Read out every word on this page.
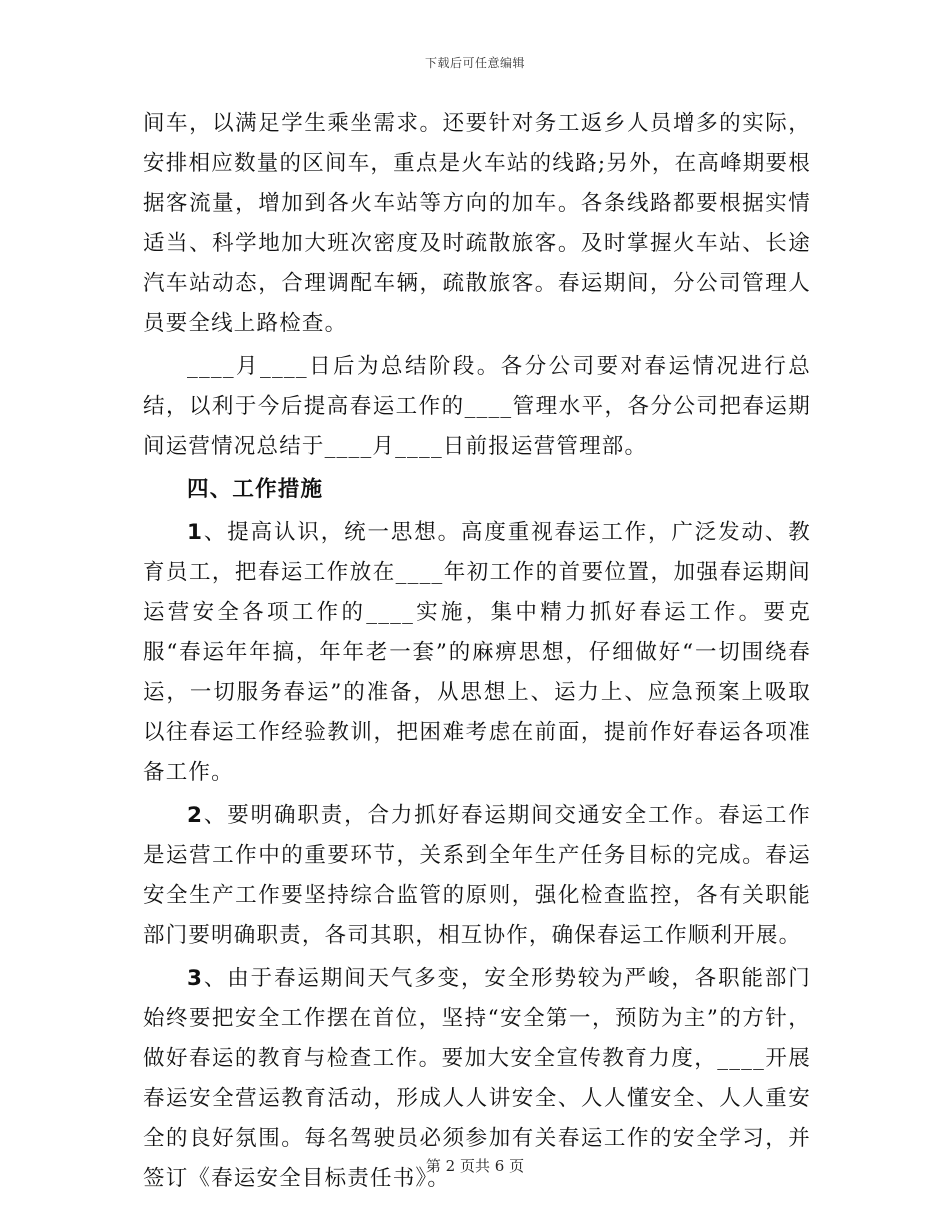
下载后可任意编辑

间车，以满足学生乘坐需求。还要针对务工返乡人员增多的实际，安排相应数量的区间车，重点是火车站的线路;另外，在高峰期要根据客流量，增加到各火车站等方向的加车。各条线路都要根据实情适当、科学地加大班次密度及时疏散旅客。及时掌握火车站、长途汽车站动态，合理调配车辆，疏散旅客。春运期间，分公司管理人员要全线上路检查。

____月____日后为总结阶段。各分公司要对春运情况进行总结，以利于今后提高春运工作的____管理水平，各分公司把春运期间运营情况总结于____月____日前报运营管理部。

四、工作措施

1、提高认识，统一思想。高度重视春运工作，广泛发动、教育员工，把春运工作放在____年初工作的首要位置，加强春运期间运营安全各项工作的____实施，集中精力抓好春运工作。要克服“春运年年搞，年年老一套”的麻痹思想，仔细做好“一切围绕春运，一切服务春运”的准备，从思想上、运力上、应急预案上吸取以往春运工作经验教训，把困难考虑在前面，提前作好春运各项准备工作。

2、要明确职责，合力抓好春运期间交通安全工作。春运工作是运营工作中的重要环节，关系到全年生产任务目标的完成。春运安全生产工作要坚持综合监管的原则，强化检查监控，各有关职能部门要明确职责，各司其职，相互协作，确保春运工作顺利开展。

3、由于春运期间天气多变，安全形势较为严峻，各职能部门始终要把安全工作摆在首位，坚持“安全第一，预防为主”的方针，做好春运的教育与检查工作。要加大安全宣传教育力度，____开展春运安全营运教育活动，形成人人讲安全、人人懂安全、人人重安全的良好氛围。每名驾驶员必须参加有关春运工作的安全学习，并签订《春运安全目标责任书》。

第 2 页共 6 页
